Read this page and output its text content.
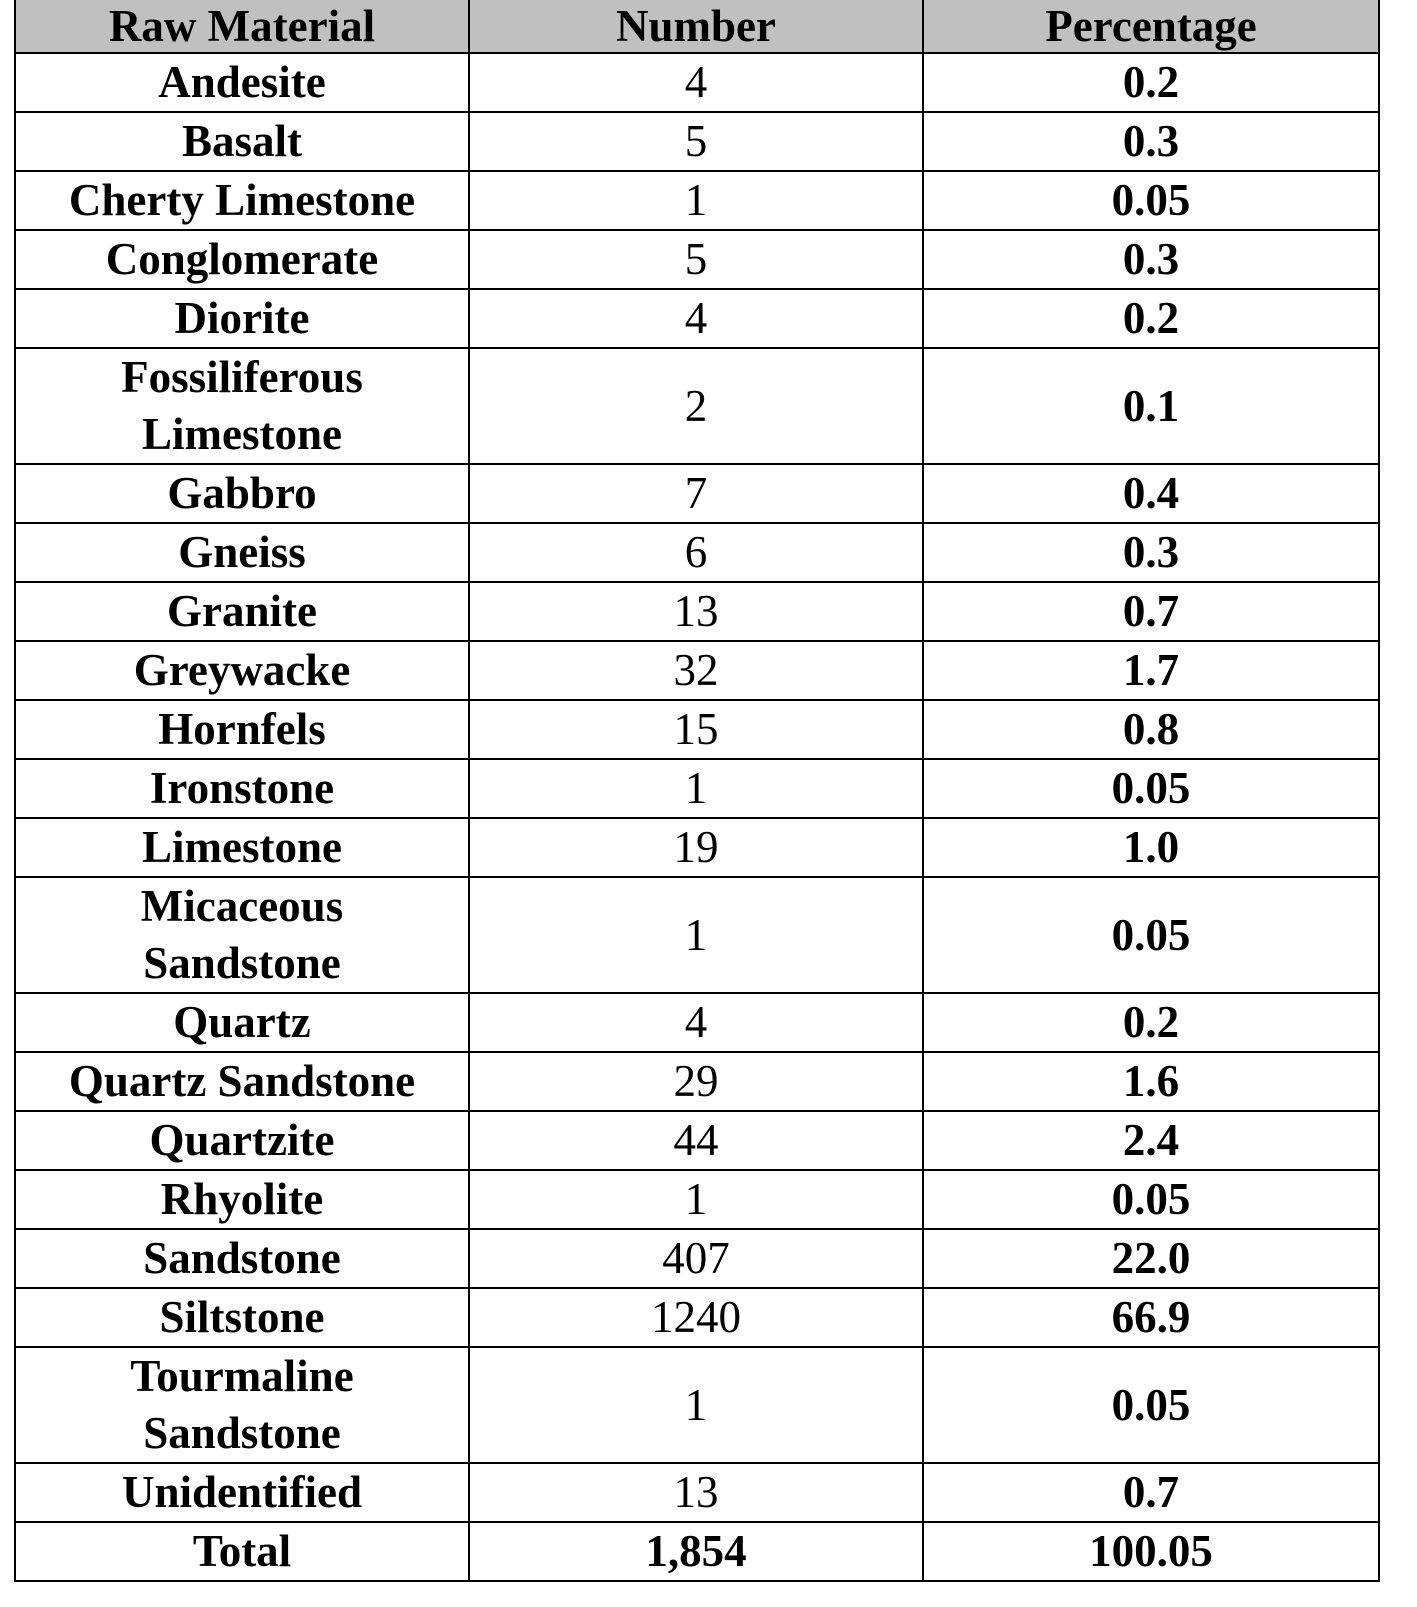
Raw Material	Number	Percentage
Andesite	4	0.2
Basalt	5	0.3
Cherty Limestone	1	0.05
Conglomerate	5	0.3
Diorite	4	0.2
Fossiliferous Limestone	2	0.1
Gabbro	7	0.4
Gneiss	6	0.3
Granite	13	0.7
Greywacke	32	1.7
Hornfels	15	0.8
Ironstone	1	0.05
Limestone	19	1.0
Micaceous Sandstone	1	0.05
Quartz	4	0.2
Quartz Sandstone	29	1.6
Quartzite	44	2.4
Rhyolite	1	0.05
Sandstone	407	22.0
Siltstone	1240	66.9
Tourmaline Sandstone	1	0.05
Unidentified	13	0.7
Total	1,854	100.05
